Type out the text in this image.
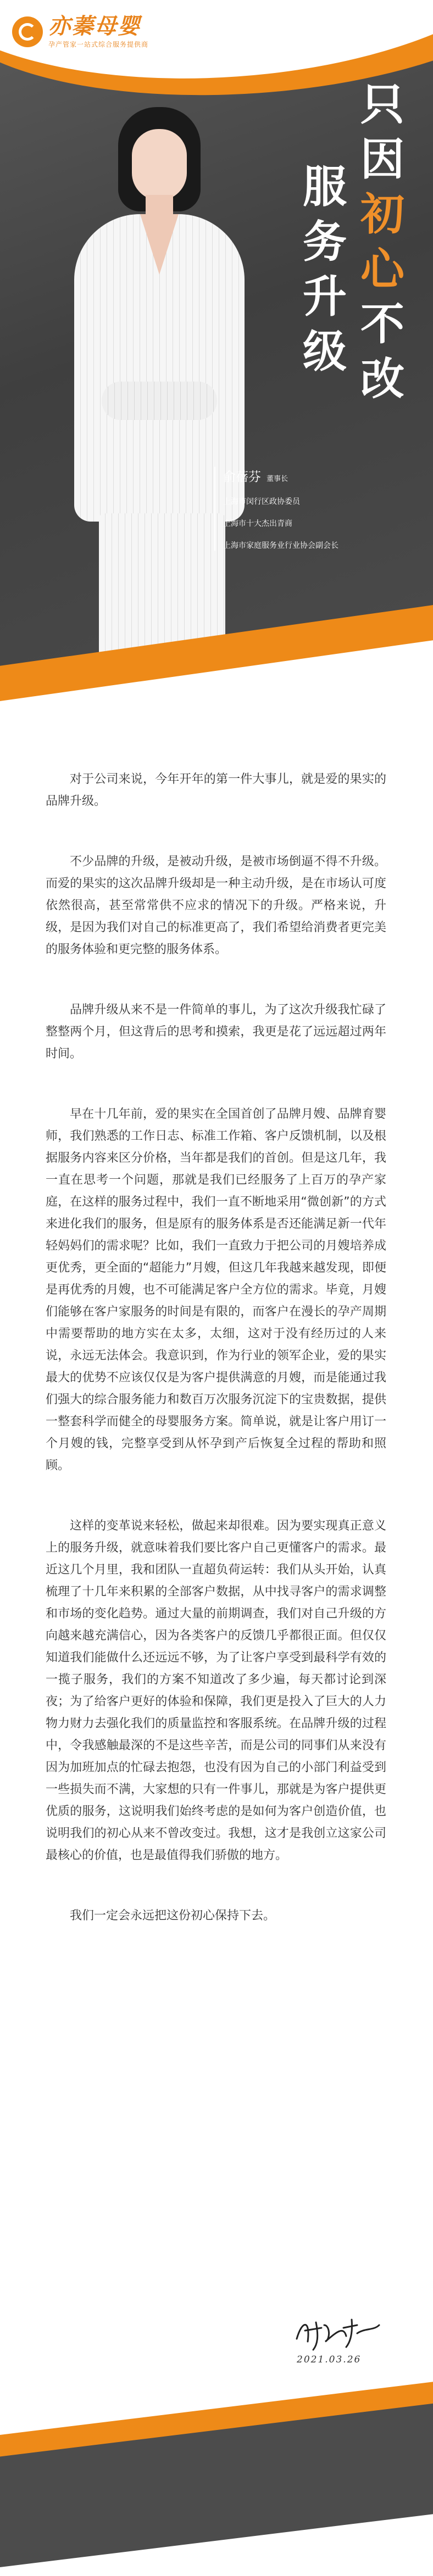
亦蓁母婴
孕产管家一站式综合服务提供商
只
因
初
心
不
改
服
务
升
级
俞蓓芬 董事长
上海市闵行区政协委员
上海市十大杰出青商
上海市家庭服务业行业协会副会长

对于公司来说，今年开年的第一件大事儿，就是爱的果实的品牌升级。

不少品牌的升级，是被动升级，是被市场倒逼不得不升级。而爱的果实的这次品牌升级却是一种主动升级，是在市场认可度依然很高，甚至常常供不应求的情况下的升级。严格来说，升级，是因为我们对自己的标准更高了，我们希望给消费者更完美的服务体验和更完整的服务体系。

品牌升级从来不是一件简单的事儿，为了这次升级我忙碌了整整两个月，但这背后的思考和摸索，我更是花了远远超过两年时间。

早在十几年前，爱的果实在全国首创了品牌月嫂、品牌育婴师，我们熟悉的工作日志、标准工作箱、客户反馈机制，以及根据服务内容来区分价格，当年都是我们的首创。但是这几年，我一直在思考一个问题，那就是我们已经服务了上百万的孕产家庭，在这样的服务过程中，我们一直不断地采用“微创新”的方式来进化我们的服务，但是原有的服务体系是否还能满足新一代年轻妈妈们的需求呢？比如，我们一直致力于把公司的月嫂培养成更优秀，更全面的“超能力”月嫂，但这几年我越来越发现，即便是再优秀的月嫂，也不可能满足客户全方位的需求。毕竟，月嫂们能够在客户家服务的时间是有限的，而客户在漫长的孕产周期中需要帮助的地方实在太多，太细，这对于没有经历过的人来说，永远无法体会。我意识到，作为行业的领军企业，爱的果实最大的优势不应该仅仅是为客户提供满意的月嫂，而是能通过我们强大的综合服务能力和数百万次服务沉淀下的宝贵数据，提供一整套科学而健全的母婴服务方案。简单说，就是让客户用订一个月嫂的钱，完整享受到从怀孕到产后恢复全过程的帮助和照顾。

这样的变革说来轻松，做起来却很难。因为要实现真正意义上的服务升级，就意味着我们要比客户自己更懂客户的需求。最近这几个月里，我和团队一直超负荷运转：我们从头开始，认真梳理了十几年来积累的全部客户数据，从中找寻客户的需求调整和市场的变化趋势。通过大量的前期调查，我们对自己升级的方向越来越充满信心，因为各类客户的反馈几乎都很正面。但仅仅知道我们能做什么还远远不够，为了让客户享受到最科学有效的一揽子服务，我们的方案不知道改了多少遍，每天都讨论到深夜；为了给客户更好的体验和保障，我们更是投入了巨大的人力物力财力去强化我们的质量监控和客服系统。在品牌升级的过程中，令我感触最深的不是这些辛苦，而是公司的同事们从来没有因为加班加点的忙碌去抱怨，也没有因为自己的小部门利益受到一些损失而不满，大家想的只有一件事儿，那就是为客户提供更优质的服务，这说明我们始终考虑的是如何为客户创造价值，也说明我们的初心从来不曾改变过。我想，这才是我创立这家公司最核心的价值，也是最值得我们骄傲的地方。

我们一定会永远把这份初心保持下去。

2021.03.26
